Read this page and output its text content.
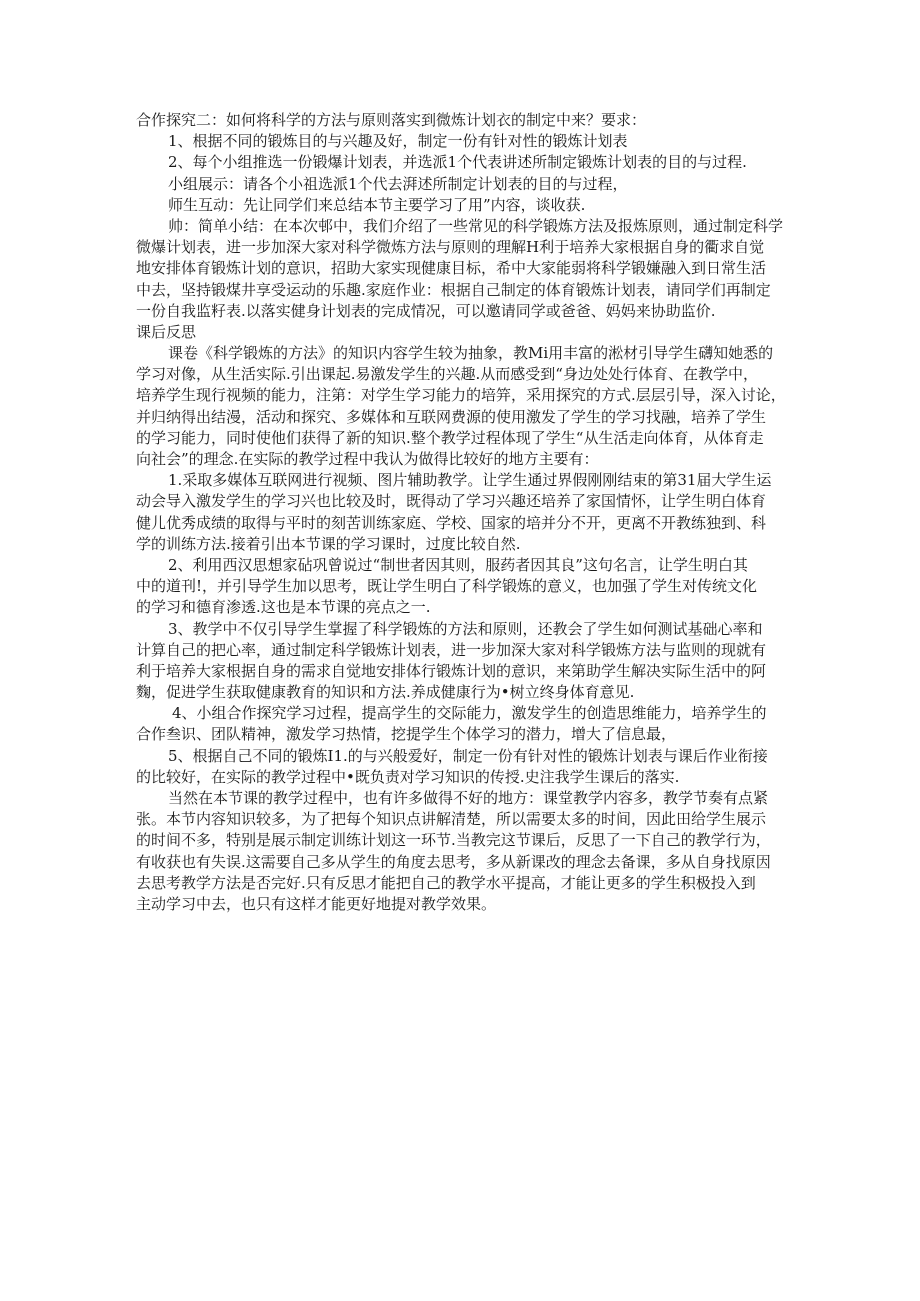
合作探究二：如何将科学的方法与原则落实到微炼计划衣的制定中来？要求：
1、根据不同的锻炼目的与兴趣及好，制定一份有针对性的锻炼计划表
2、每个小组推选一份锻爆计划表，并选派1个代表讲述所制定锻炼计划表的目的与过程.
小组展示：请各个小祖选派1个代去湃述所制定计划表的目的与过程，
师生互动：先让同学们来总结本节主要学习了用”内容，谈收获.
帅：简单小结：在本次邨中，我们介绍了一些常见的科学锻炼方法及报炼原则，通过制定科学
微爆计划表，进一步加深大家对科学微炼方法与原则的理解H利于培养大家根据自身的衢求自觉
地安排体育锻炼计划的意识，招助大家实现健康目标，希中大家能弱将科学锻嫌融入到日常生活
中去，坚持锻煤井享受运动的乐趣.家庭作业：根据自己制定的体育锻炼计划表，请同学们再制定
一份自我监籽表.以落实健身计划表的完成情况，可以邀请同学或爸爸、妈妈来协助监价.
课后反思
课卷《科学锻炼的方法》的知识内容学生较为抽象，教Mi用丰富的淞材引导学生礴知她悉的
学习对像，从生活实际.引出课起.易激发学生的兴趣.从而感受到“身边处处行体育、在教学中，
培养学生现行视频的能力，注第：对学生学习能力的培笄，采用探究的方式.层层引导，深入讨论，
并归纳得出结漫，活动和探究、多媒体和互联网费源的使用激发了学生的学习找融，培养了学生
的学习能力，同时使他们获得了新的知识.整个教学过程体现了学生“从生活走向体育，从体育走
向社会”的理念.在实际的教学过程中我认为做得比较好的地方主要有：
1.采取多媒体互联网进行视频、图片辅助教学。让学生通过界假刚刚结束的第31届大学生运
动会导入激发学生的学习兴也比较及时，既得动了学习兴趣还培养了家国情怀，让学生明白体育
健儿优秀成绩的取得与平时的刻苦训练家庭、学校、国家的培并分不开，更离不开教练独到、科
学的训练方法.接着引出本节课的学习课时，过度比较自然.
2、利用西汉思想家砧巩曾说过“制世者因其则，服药者因其良”这句名言，让学生明白其
中的道刊!，并引导学生加以思考，既让学生明白了科学锻炼的意义，也加强了学生对传统文化
的学习和德育渗透.这也是本节课的亮点之一.
3、教学中不仅引导学生掌握了科学锻炼的方法和原则，还教会了学生如何测试基础心率和
计算自己的把心率，通过制定科学锻炼计划表，进一步加深大家对科学锻炼方法与监则的现就有
利于培养大家根据自身的需求自觉地安排体行锻炼计划的意识，来第助学生解决实际生活中的阿
麴，促进学生获取健康教育的知识和方法.养成健康行为•树立终身体育意见.
4、小组合作探究学习过程，提高学生的交际能力，激发学生的创造思维能力，培养学生的
合作叁识、团队精神，激发学习热情，挖提学生个体学习的潜力，增大了信息最，
5、根据自己不同的锻炼I1.的与兴般爱好，制定一份有针对性的锻炼计划表与课后作业衔接
的比较好，在实际的教学过程中•既负责对学习知识的传授.史注我学生课后的落实.
当然在本节课的教学过程中，也有许多做得不好的地方：课堂教学内容多，教学节奏有点紧
张。本节内容知识较多，为了把每个知识点讲解清楚，所以需要太多的时间，因此田给学生展示
的时间不多，特别是展示制定训练计划这一环节.当教完这节课后，反思了一下自己的教学行为，
有收获也有失误.这需要自己多从学生的角度去思考，多从新课改的理念去备课，多从自身找原因
去思考教学方法是否完好.只有反思才能把自己的教学水平提高，才能让更多的学生积极投入到
主动学习中去，也只有这样才能更好地提对教学效果。
